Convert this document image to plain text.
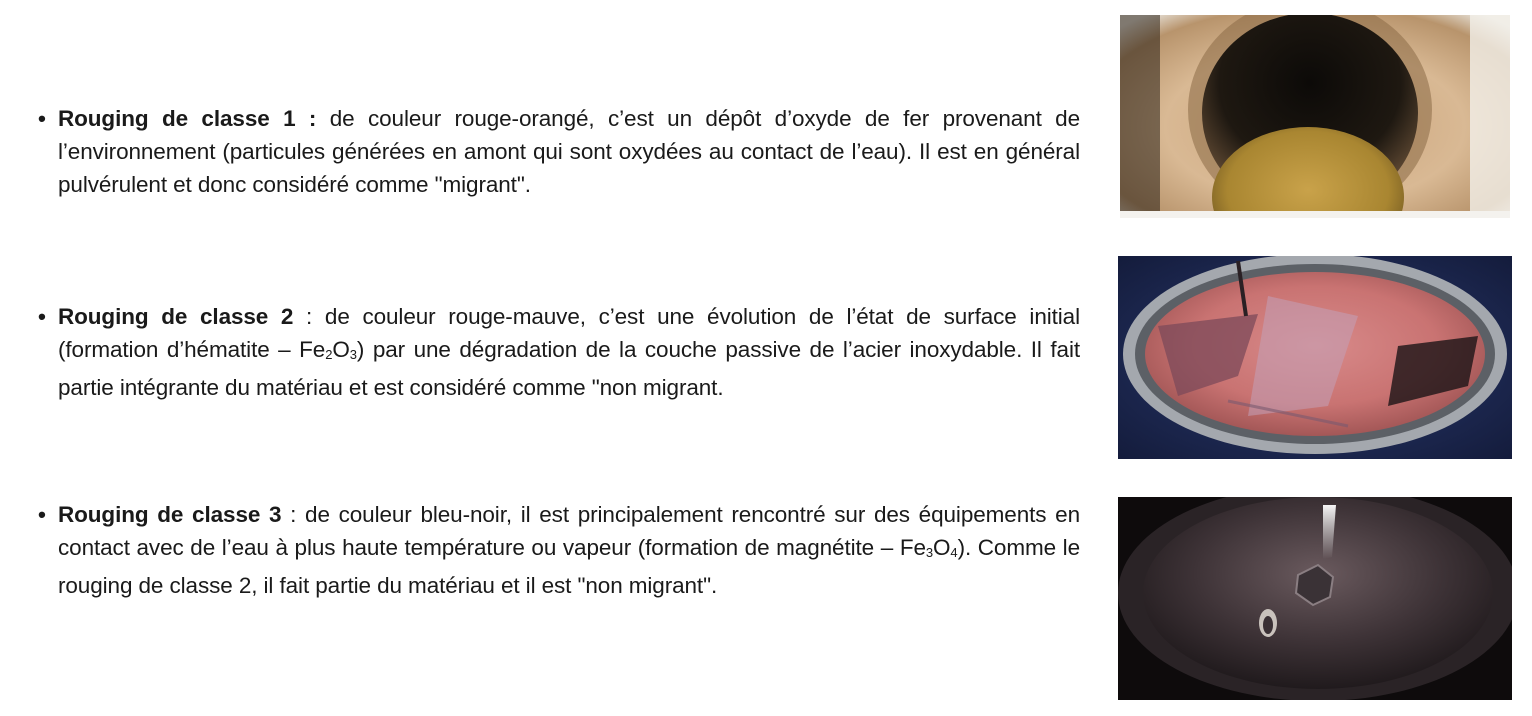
• Rouging de classe 1 : de couleur rouge-orangé, c’est un dépôt d’oxyde de fer provenant de l’environnement (particules générées en amont qui sont oxydées au contact de l’eau). Il est en général pulvérulent et donc considéré comme "migrant".

• Rouging de classe 2 : de couleur rouge-mauve, c’est une évolution de l’état de surface initial (formation d’hématite – Fe2O3) par une dégradation de la couche passive de l’acier inoxydable. Il fait partie intégrante du matériau et est considéré comme "non migrant.

• Rouging de classe 3 : de couleur bleu-noir, il est principalement rencontré sur des équipements en contact avec de l’eau à plus haute température ou vapeur (formation de magnétite – Fe3O4). Comme le rouging de classe 2, il fait partie du matériau et il est "non migrant".
